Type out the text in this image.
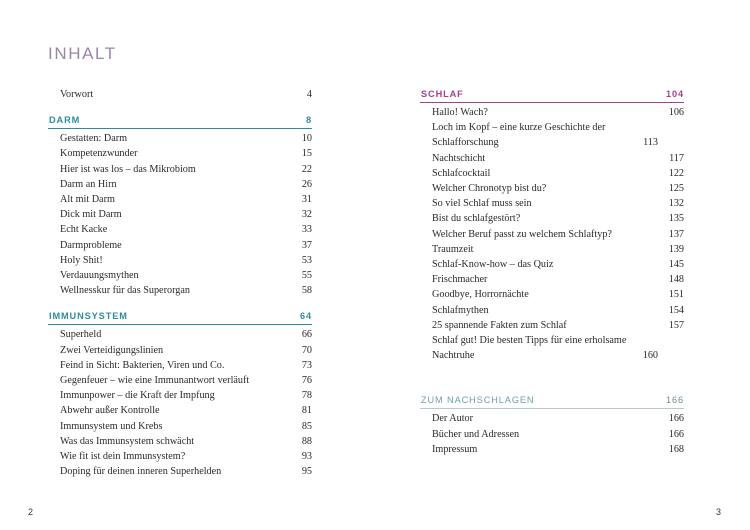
INHALT
Vorwort	4
DARM	8
Gestatten: Darm	10
Kompetenzwunder	15
Hier ist was los – das Mikrobiom	22
Darm an Hirn	26
Alt mit Darm	31
Dick mit Darm	32
Echt Kacke	33
Darmprobleme	37
Holy Shit!	53
Verdauungsmythen	55
Wellnesskur für das Superorgan	58
IMMUNSYSTEM	64
Superheld	66
Zwei Verteidigungslinien	70
Feind in Sicht: Bakterien, Viren und Co.	73
Gegenfeuer – wie eine Immunantwort verläuft	76
Immunpower – die Kraft der Impfung	78
Abwehr außer Kontrolle	81
Immunsystem und Krebs	85
Was das Immunsystem schwächt	88
Wie fit ist dein Immunsystem?	93
Doping für deinen inneren Superhelden	95
SCHLAF	104
Hallo! Wach?	106
Loch im Kopf – eine kurze Geschichte der
Schlafforschung	113
Nachtschicht	117
Schlafcocktail	122
Welcher Chronotyp bist du?	125
So viel Schlaf muss sein	132
Bist du schlafgestört?	135
Welcher Beruf passt zu welchem Schlaftyp?	137
Traumzeit	139
Schlaf-Know-how – das Quiz	145
Frischmacher	148
Goodbye, Horrornächte	151
Schlafmythen	154
25 spannende Fakten zum Schlaf	157
Schlaf gut! Die besten Tipps für eine erholsame
Nachtruhe	160
ZUM NACHSCHLAGEN	166
Der Autor	166
Bücher und Adressen	166
Impressum	168
2	3
